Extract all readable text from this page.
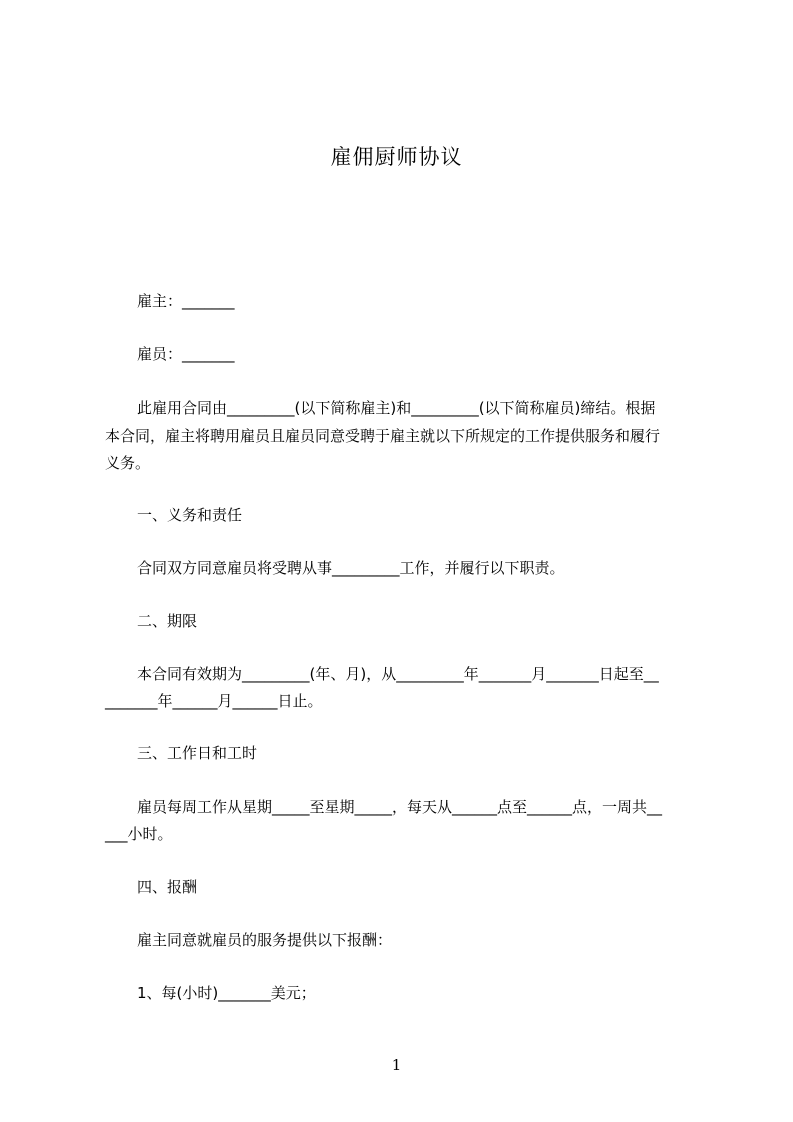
雇佣厨师协议
雇主：_______
雇员：_______
此雇用合同由_________(以下简称雇主)和_________(以下简称雇员)缔结。根据
本合同，雇主将聘用雇员且雇员同意受聘于雇主就以下所规定的工作提供服务和履行
义务。
一、义务和责任
合同双方同意雇员将受聘从事_________工作，并履行以下职责。
二、期限
本合同有效期为_________(年、月)，从_________年_______月_______日起至__
_______年______月______日止。
三、工作日和工时
雇员每周工作从星期_____至星期_____，每天从______点至______点，一周共__
___小时。
四、报酬
雇主同意就雇员的服务提供以下报酬：
1、每(小时)_______美元；
1
